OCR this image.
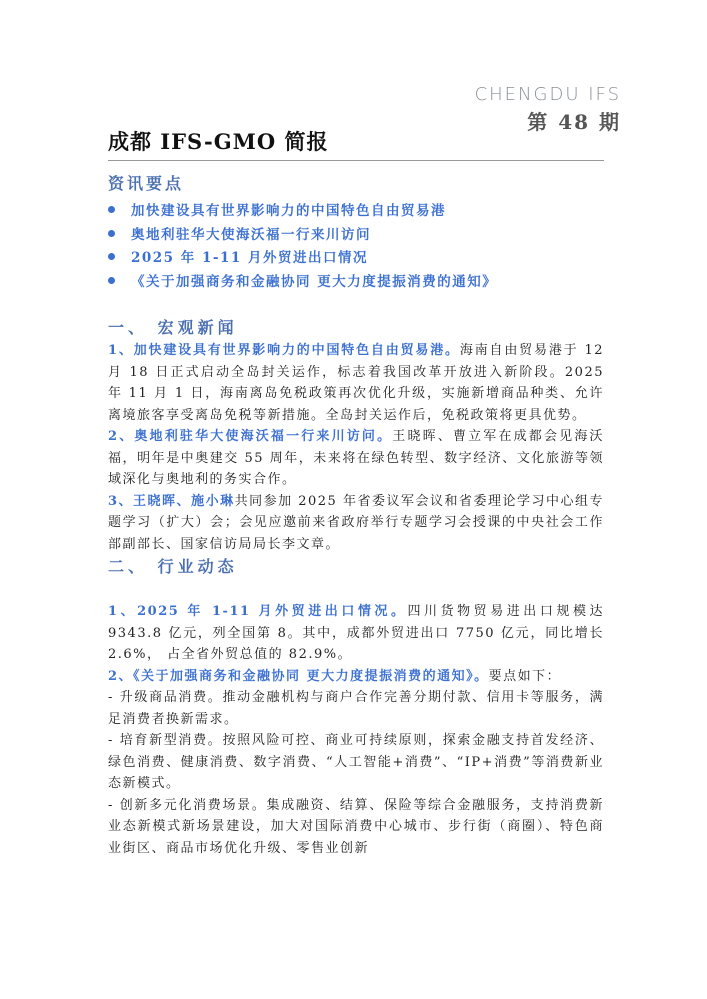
CHENGDU IFS
第 48 期
成都 IFS-GMO 简报
资讯要点
加快建设具有世界影响力的中国特色自由贸易港
奥地利驻华大使海沃福一行来川访问
2025 年 1-11 月外贸进出口情况
《关于加强商务和金融协同 更大力度提振消费的通知》
一、 宏观新闻

1、加快建设具有世界影响力的中国特色自由贸易港。海南自由贸易港于 12 月 18 日正式启动全岛封关运作，标志着我国改革开放进入新阶段。2025 年 11 月 1 日，海南离岛免税政策再次优化升级，实施新增商品种类、允许离境旅客享受离岛免税等新措施。全岛封关运作后，免税政策将更具优势。

2、奥地利驻华大使海沃福一行来川访问。王晓晖、曹立军在成都会见海沃福，明年是中奥建交 55 周年，未来将在绿色转型、数字经济、文化旅游等领域深化与奥地利的务实合作。

3、王晓晖、施小琳共同参加 2025 年省委议军会议和省委理论学习中心组专题学习（扩大）会；会见应邀前来省政府举行专题学习会授课的中央社会工作部副部长、国家信访局局长李文章。

二、 行业动态

1、2025 年 1-11 月外贸进出口情况。四川货物贸易进出口规模达 9343.8 亿元，列全国第 8。其中，成都外贸进出口 7750 亿元，同比增长 2.6%， 占全省外贸总值的 82.9%。

2、《关于加强商务和金融协同 更大力度提振消费的通知》。要点如下：

- 升级商品消费。推动金融机构与商户合作完善分期付款、信用卡等服务，满足消费者换新需求。

- 培育新型消费。按照风险可控、商业可持续原则，探索金融支持首发经济、绿色消费、健康消费、数字消费、“人工智能+消费”、“IP+消费”等消费新业态新模式。

- 创新多元化消费场景。集成融资、结算、保险等综合金融服务，支持消费新业态新模式新场景建设，加大对国际消费中心城市、步行街（商圈）、特色商业街区、商品市场优化升级、零售业创新
